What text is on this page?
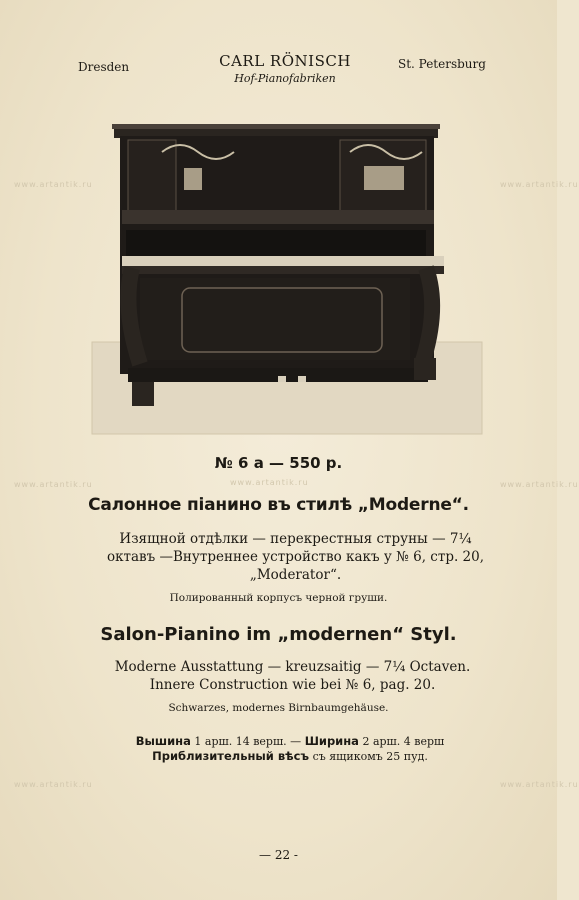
Dresden	CARL RÖNISCH
Hof-Pianofabriken
St. Petersburg
www.artantik.ru	www.artantik.ru
www.artantik.ru
www.artantik.ru	www.artantik.ru
www.artantik.ru	www.artantik.ru
№ 6 а — 550 р.
Салонное піанино въ стилѣ „Moderne“.
Изящной отдѣлки — перекрестныя струны — 7¼
октавъ —Внутреннее устройство какъ у № 6, стр. 20,
„Moderator“.
Полированный корпусъ черной груши.
Salon-Pianino im „modernen“ Styl.
Moderne Ausstattung — kreuzsaitig — 7¼ Octaven.
Innere Construction wie bei № 6, pag. 20.
Schwarzes, modernes Birnbaumgehäuse.
Вышина 1 арш. 14 верш. — Ширина 2 арш. 4 верш
Приблизительный вѣсъ съ ящикомъ 25 пуд.
— 22 -
